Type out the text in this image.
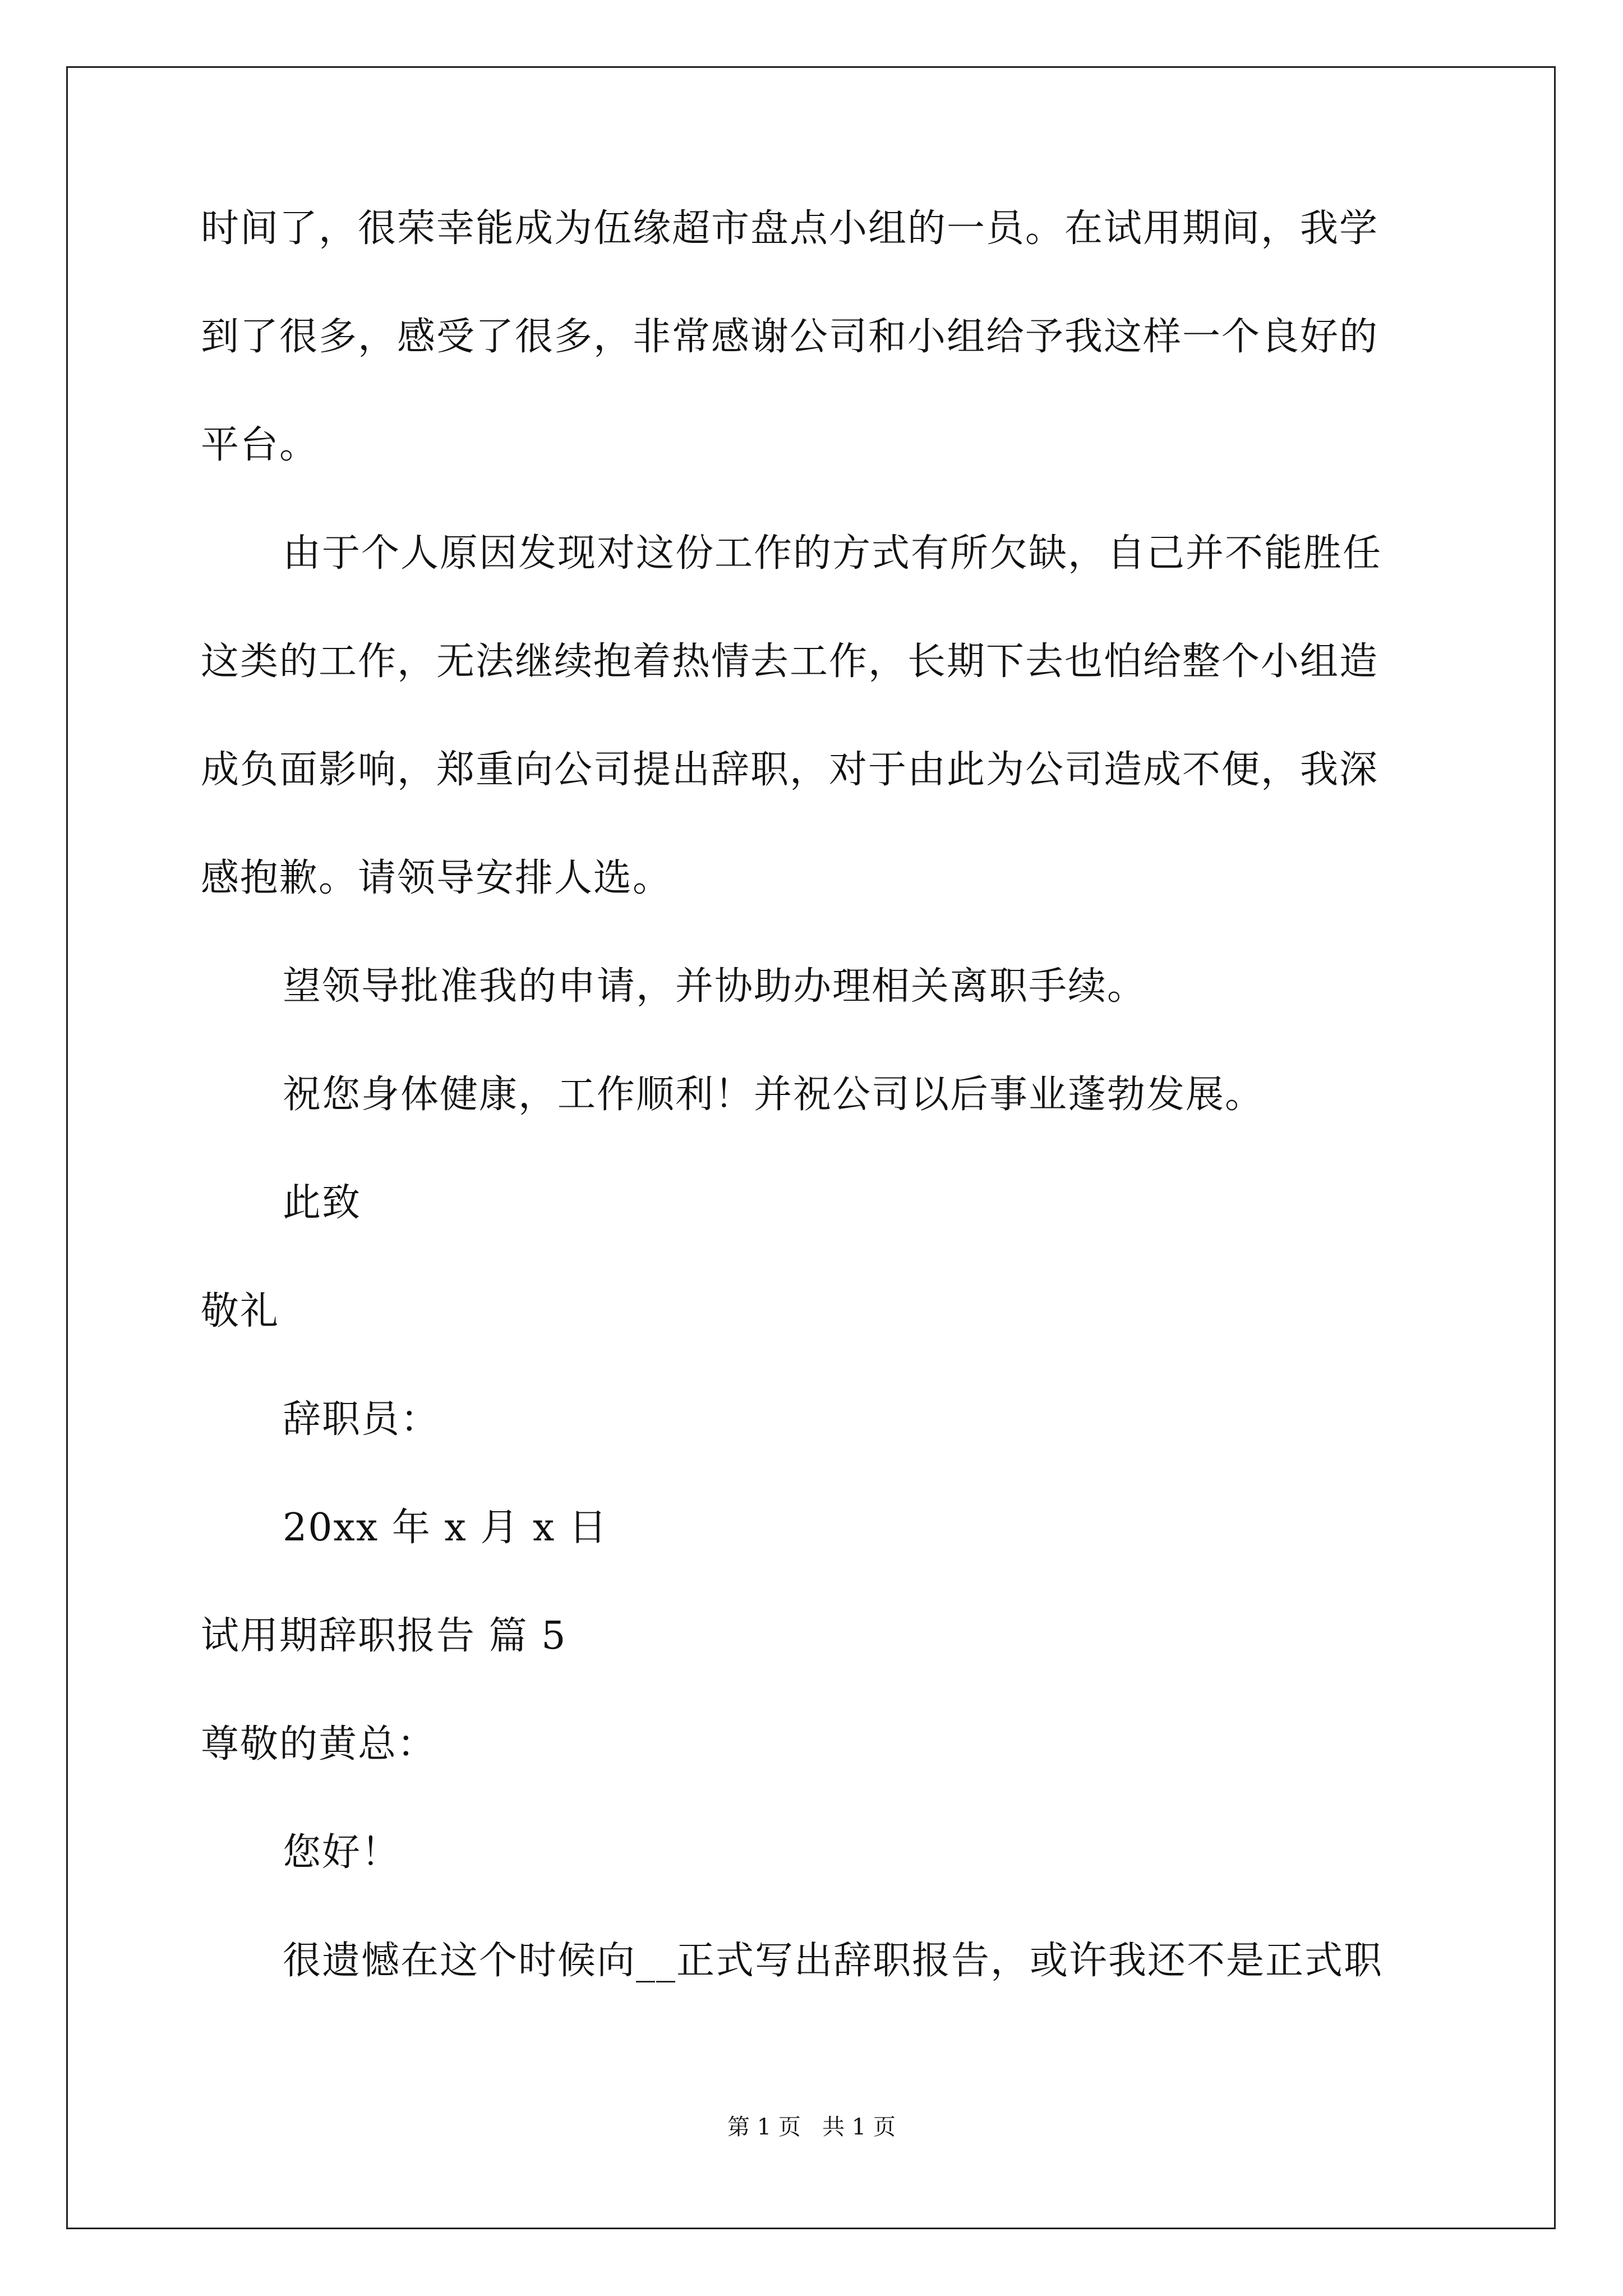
时间了，很荣幸能成为伍缘超市盘点小组的一员。在试用期间，我学
到了很多，感受了很多，非常感谢公司和小组给予我这样一个良好的
平台。
由于个人原因发现对这份工作的方式有所欠缺，自己并不能胜任
这类的工作，无法继续抱着热情去工作，长期下去也怕给整个小组造
成负面影响，郑重向公司提出辞职，对于由此为公司造成不便，我深
感抱歉。请领导安排人选。
望领导批准我的申请，并协助办理相关离职手续。
祝您身体健康，工作顺利！并祝公司以后事业蓬勃发展。
此致
敬礼
辞职员：
20xx 年 x 月 x 日
试用期辞职报告 篇 5
尊敬的黄总：
您好！
很遗憾在这个时候向__正式写出辞职报告，或许我还不是正式职
第 1 页   共 1 页
